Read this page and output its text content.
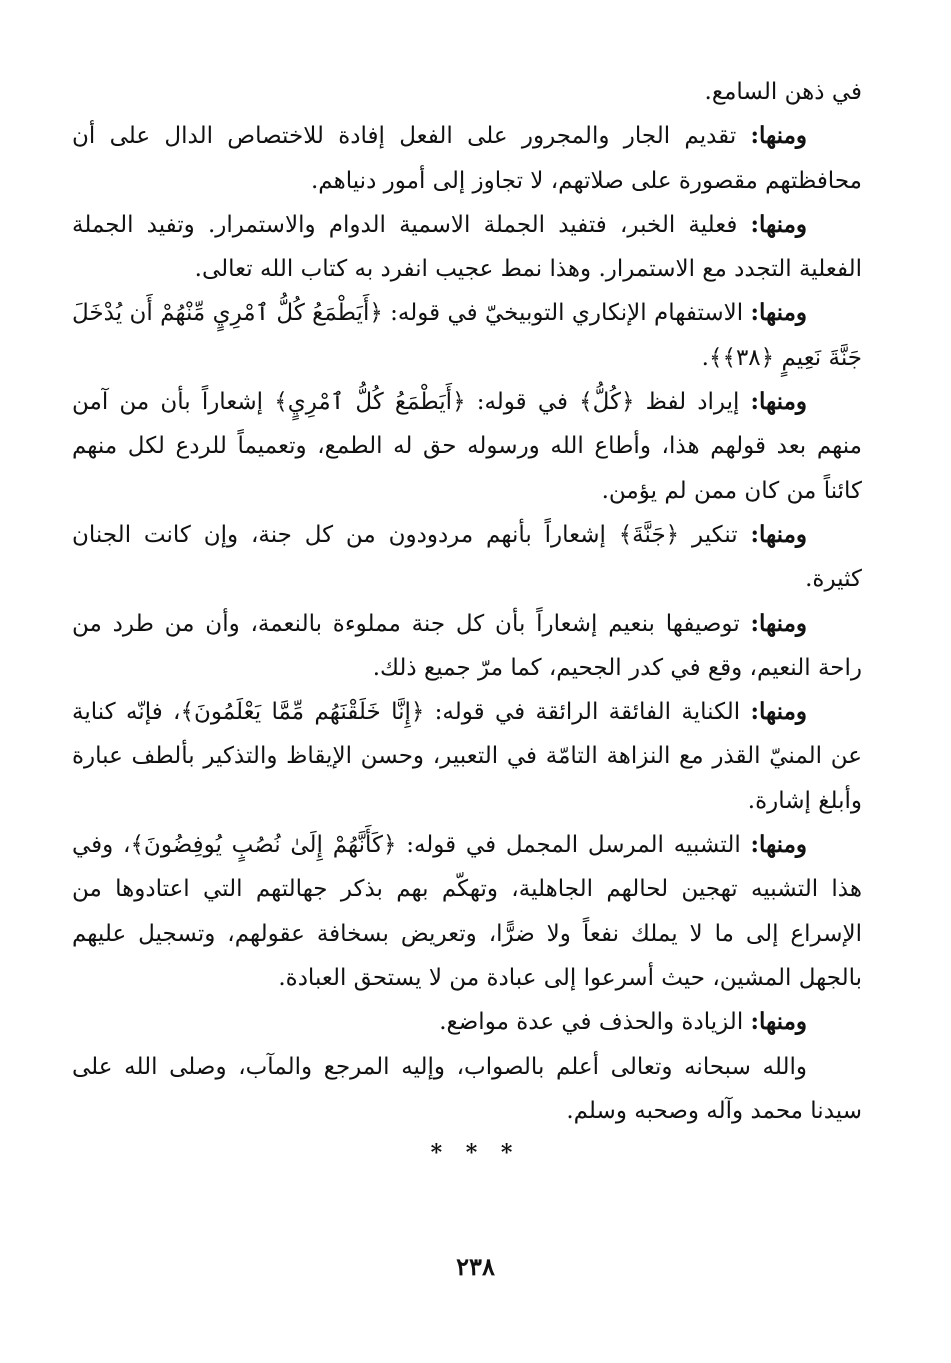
في ذهن السامع.

ومنها: تقديم الجار والمجرور على الفعل إفادة للاختصاص الدال على أن محافظتهم مقصورة على صلاتهم، لا تجاوز إلى أمور دنياهم.

ومنها: فعلية الخبر، فتفيد الجملة الاسمية الدوام والاستمرار. وتفيد الجملة الفعلية التجدد مع الاستمرار. وهذا نمط عجيب انفرد به كتاب الله تعالى.

ومنها: الاستفهام الإنكاري التوبيخيّ في قوله: ﴿أَيَطْمَعُ كُلُّ ٱمْرِيٍ مِّنْهُمْ أَن يُدْخَلَ جَنَّةَ نَعِيمٍ ﴿٣٨﴾﴾.

ومنها: إيراد لفظ ﴿كُلُّ﴾ في قوله: ﴿أَيَطْمَعُ كُلُّ ٱمْرِيٍ﴾ إشعاراً بأن من آمن منهم بعد قولهم هذا، وأطاع الله ورسوله حق له الطمع، وتعميماً للردع لكل منهم كائناً من كان ممن لم يؤمن.

ومنها: تنكير ﴿جَنَّةَ﴾ إشعاراً بأنهم مردودون من كل جنة، وإن كانت الجنان كثيرة.

ومنها: توصيفها بنعيم إشعاراً بأن كل جنة مملوءة بالنعمة، وأن من طرد من راحة النعيم، وقع في كدر الجحيم، كما مرّ جميع ذلك.

ومنها: الكناية الفائقة الرائقة في قوله: ﴿إِنَّا خَلَقْنَهُم مِّمَّا يَعْلَمُونَ﴾، فإنّه كناية عن المنيّ القذر مع النزاهة التامّة في التعبير، وحسن الإيقاظ والتذكير بألطف عبارة وأبلغ إشارة.

ومنها: التشبيه المرسل المجمل في قوله: ﴿كَأَنَّهُمْ إِلَىٰ نُصُبٍ يُوفِضُونَ﴾، وفي هذا التشبيه تهجين لحالهم الجاهلية، وتهكّم بهم بذكر جهالتهم التي اعتادوها من الإسراع إلى ما لا يملك نفعاً ولا ضرًّا، وتعريض بسخافة عقولهم، وتسجيل عليهم بالجهل المشين، حيث أسرعوا إلى عبادة من لا يستحق العبادة.

ومنها: الزيادة والحذف في عدة مواضع.

والله سبحانه وتعالى أعلم بالصواب، وإليه المرجع والمآب، وصلى الله على سيدنا محمد وآله وصحبه وسلم.

* * *
٢٣٨
